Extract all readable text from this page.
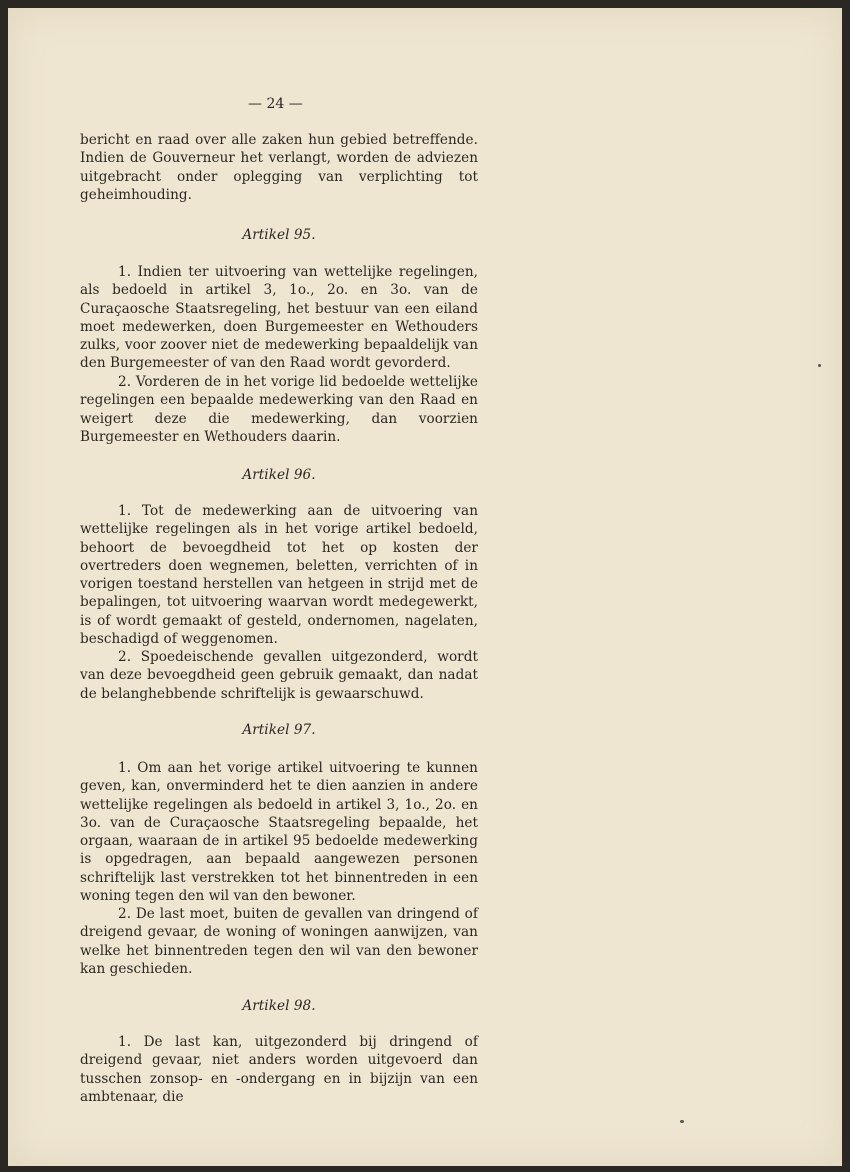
— 24 —

bericht en raad over alle zaken hun gebied betreffende. Indien de Gouverneur het verlangt, worden de adviezen uitgebracht onder oplegging van verplichting tot geheimhouding.

Artikel 95.

1. Indien ter uitvoering van wettelijke regelingen, als bedoeld in artikel 3, 1o., 2o. en 3o. van de Curaçaosche Staatsregeling, het bestuur van een eiland moet medewerken, doen Burgemeester en Wethouders zulks, voor zoover niet de medewerking bepaaldelijk van den Burgemeester of van den Raad wordt gevorderd.

2. Vorderen de in het vorige lid bedoelde wettelijke regelingen een bepaalde medewerking van den Raad en weigert deze die medewerking, dan voorzien Burgemeester en Wethouders daarin.

Artikel 96.

1. Tot de medewerking aan de uitvoering van wettelijke regelingen als in het vorige artikel bedoeld, behoort de bevoegdheid tot het op kosten der overtreders doen wegnemen, beletten, verrichten of in vorigen toestand herstellen van hetgeen in strijd met de bepalingen, tot uitvoering waarvan wordt medegewerkt, is of wordt gemaakt of gesteld, ondernomen, nagelaten, beschadigd of weggenomen.

2. Spoedeischende gevallen uitgezonderd, wordt van deze bevoegdheid geen gebruik gemaakt, dan nadat de belanghebbende schriftelijk is gewaarschuwd.

Artikel 97.

1. Om aan het vorige artikel uitvoering te kunnen geven, kan, onverminderd het te dien aanzien in andere wettelijke regelingen als bedoeld in artikel 3, 1o., 2o. en 3o. van de Curaçaosche Staatsregeling bepaalde, het orgaan, waaraan de in artikel 95 bedoelde medewerking is opgedragen, aan bepaald aangewezen personen schriftelijk last verstrekken tot het binnentreden in een woning tegen den wil van den bewoner.

2. De last moet, buiten de gevallen van dringend of dreigend gevaar, de woning of woningen aanwijzen, van welke het binnentreden tegen den wil van den bewoner kan geschieden.

Artikel 98.

1. De last kan, uitgezonderd bij dringend of dreigend gevaar, niet anders worden uitgevoerd dan tusschen zonsop- en -ondergang en in bijzijn van een ambtenaar, die
